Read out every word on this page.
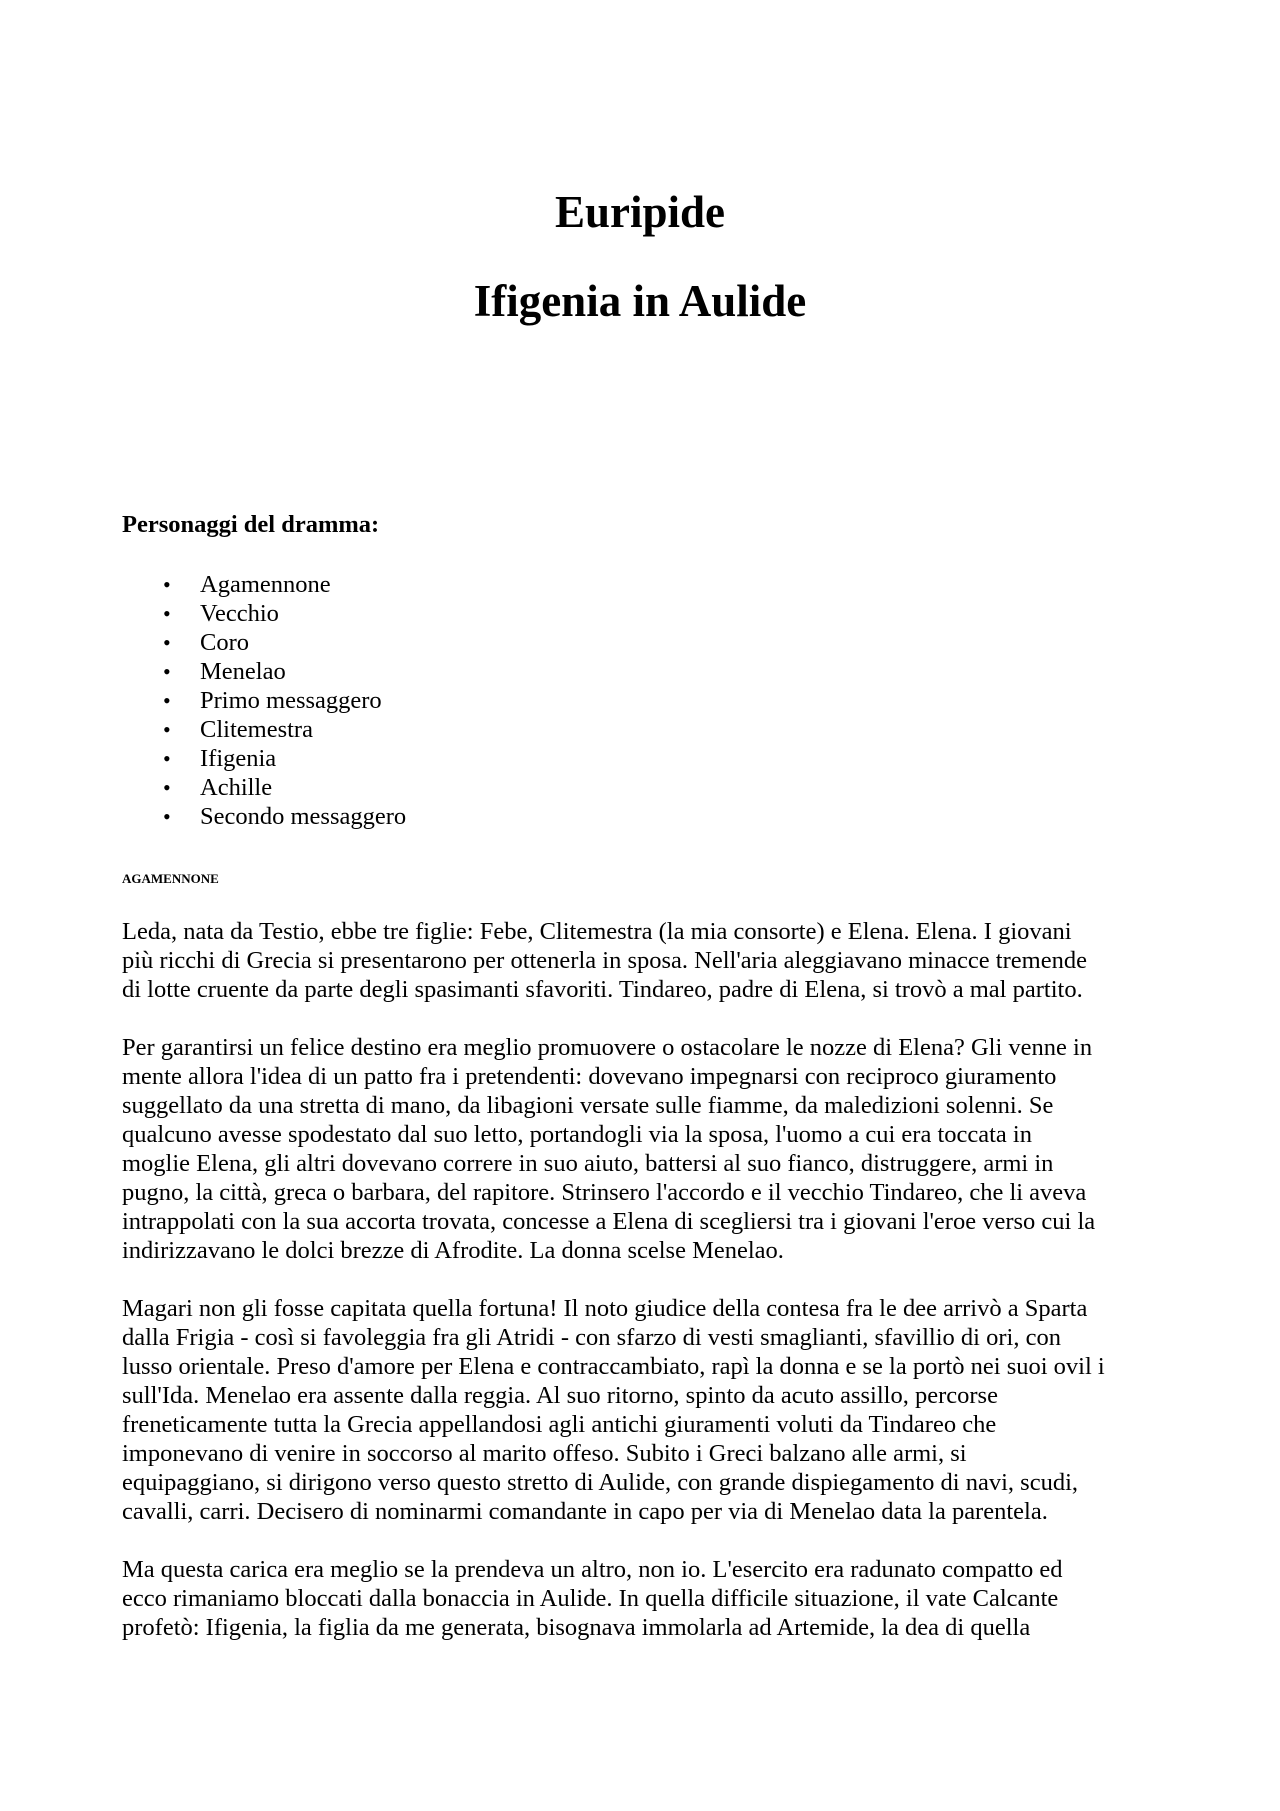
Euripide
Ifigenia in Aulide
Personaggi del dramma:
• Agamennone
• Vecchio
• Coro
• Menelao
• Primo messaggero
• Clitemestra
• Ifigenia
• Achille
• Secondo messaggero
AGAMENNONE

Leda, nata da Testio, ebbe tre figlie: Febe, Clitemestra (la mia consorte) e Elena. Elena. I giovani
più ricchi di Grecia si presentarono per ottenerla in sposa. Nell'aria aleggiavano minacce tremende
di lotte cruente da parte degli spasimanti sfavoriti. Tindareo, padre di Elena, si trovò a mal partito.

Per garantirsi un felice destino era meglio promuovere o ostacolare le nozze di Elena? Gli venne in
mente allora l'idea di un patto fra i pretendenti: dovevano impegnarsi con reciproco giuramento
suggellato da una stretta di mano, da libagioni versate sulle fiamme, da maledizioni solenni. Se
qualcuno avesse spodestato dal suo letto, portandogli via la sposa, l'uomo a cui era toccata in
moglie Elena, gli altri dovevano correre in suo aiuto, battersi al suo fianco, distruggere, armi in
pugno, la città, greca o barbara, del rapitore. Strinsero l'accordo e il vecchio Tindareo, che li aveva
intrappolati con la sua accorta trovata, concesse a Elena di scegliersi tra i giovani l'eroe verso cui la
indirizzavano le dolci brezze di Afrodite. La donna scelse Menelao.

Magari non gli fosse capitata quella fortuna! Il noto giudice della contesa fra le dee arrivò a Sparta
dalla Frigia - così si favoleggia fra gli Atridi - con sfarzo di vesti smaglianti, sfavillio di ori, con
lusso orientale. Preso d'amore per Elena e contraccambiato, rapì la donna e se la portò nei suoi ovil i
sull'Ida. Menelao era assente dalla reggia. Al suo ritorno, spinto da acuto assillo, percorse
freneticamente tutta la Grecia appellandosi agli antichi giuramenti voluti da Tindareo che
imponevano di venire in soccorso al marito offeso. Subito i Greci balzano alle armi, si
equipaggiano, si dirigono verso questo stretto di Aulide, con grande dispiegamento di navi, scudi,
cavalli, carri. Decisero di nominarmi comandante in capo per via di Menelao data la parentela.

Ma questa carica era meglio se la prendeva un altro, non io. L'esercito era radunato compatto ed
ecco rimaniamo bloccati dalla bonaccia in Aulide. In quella difficile situazione, il vate Calcante
profetò: Ifigenia, la figlia da me generata, bisognava immolarla ad Artemide, la dea di quella
